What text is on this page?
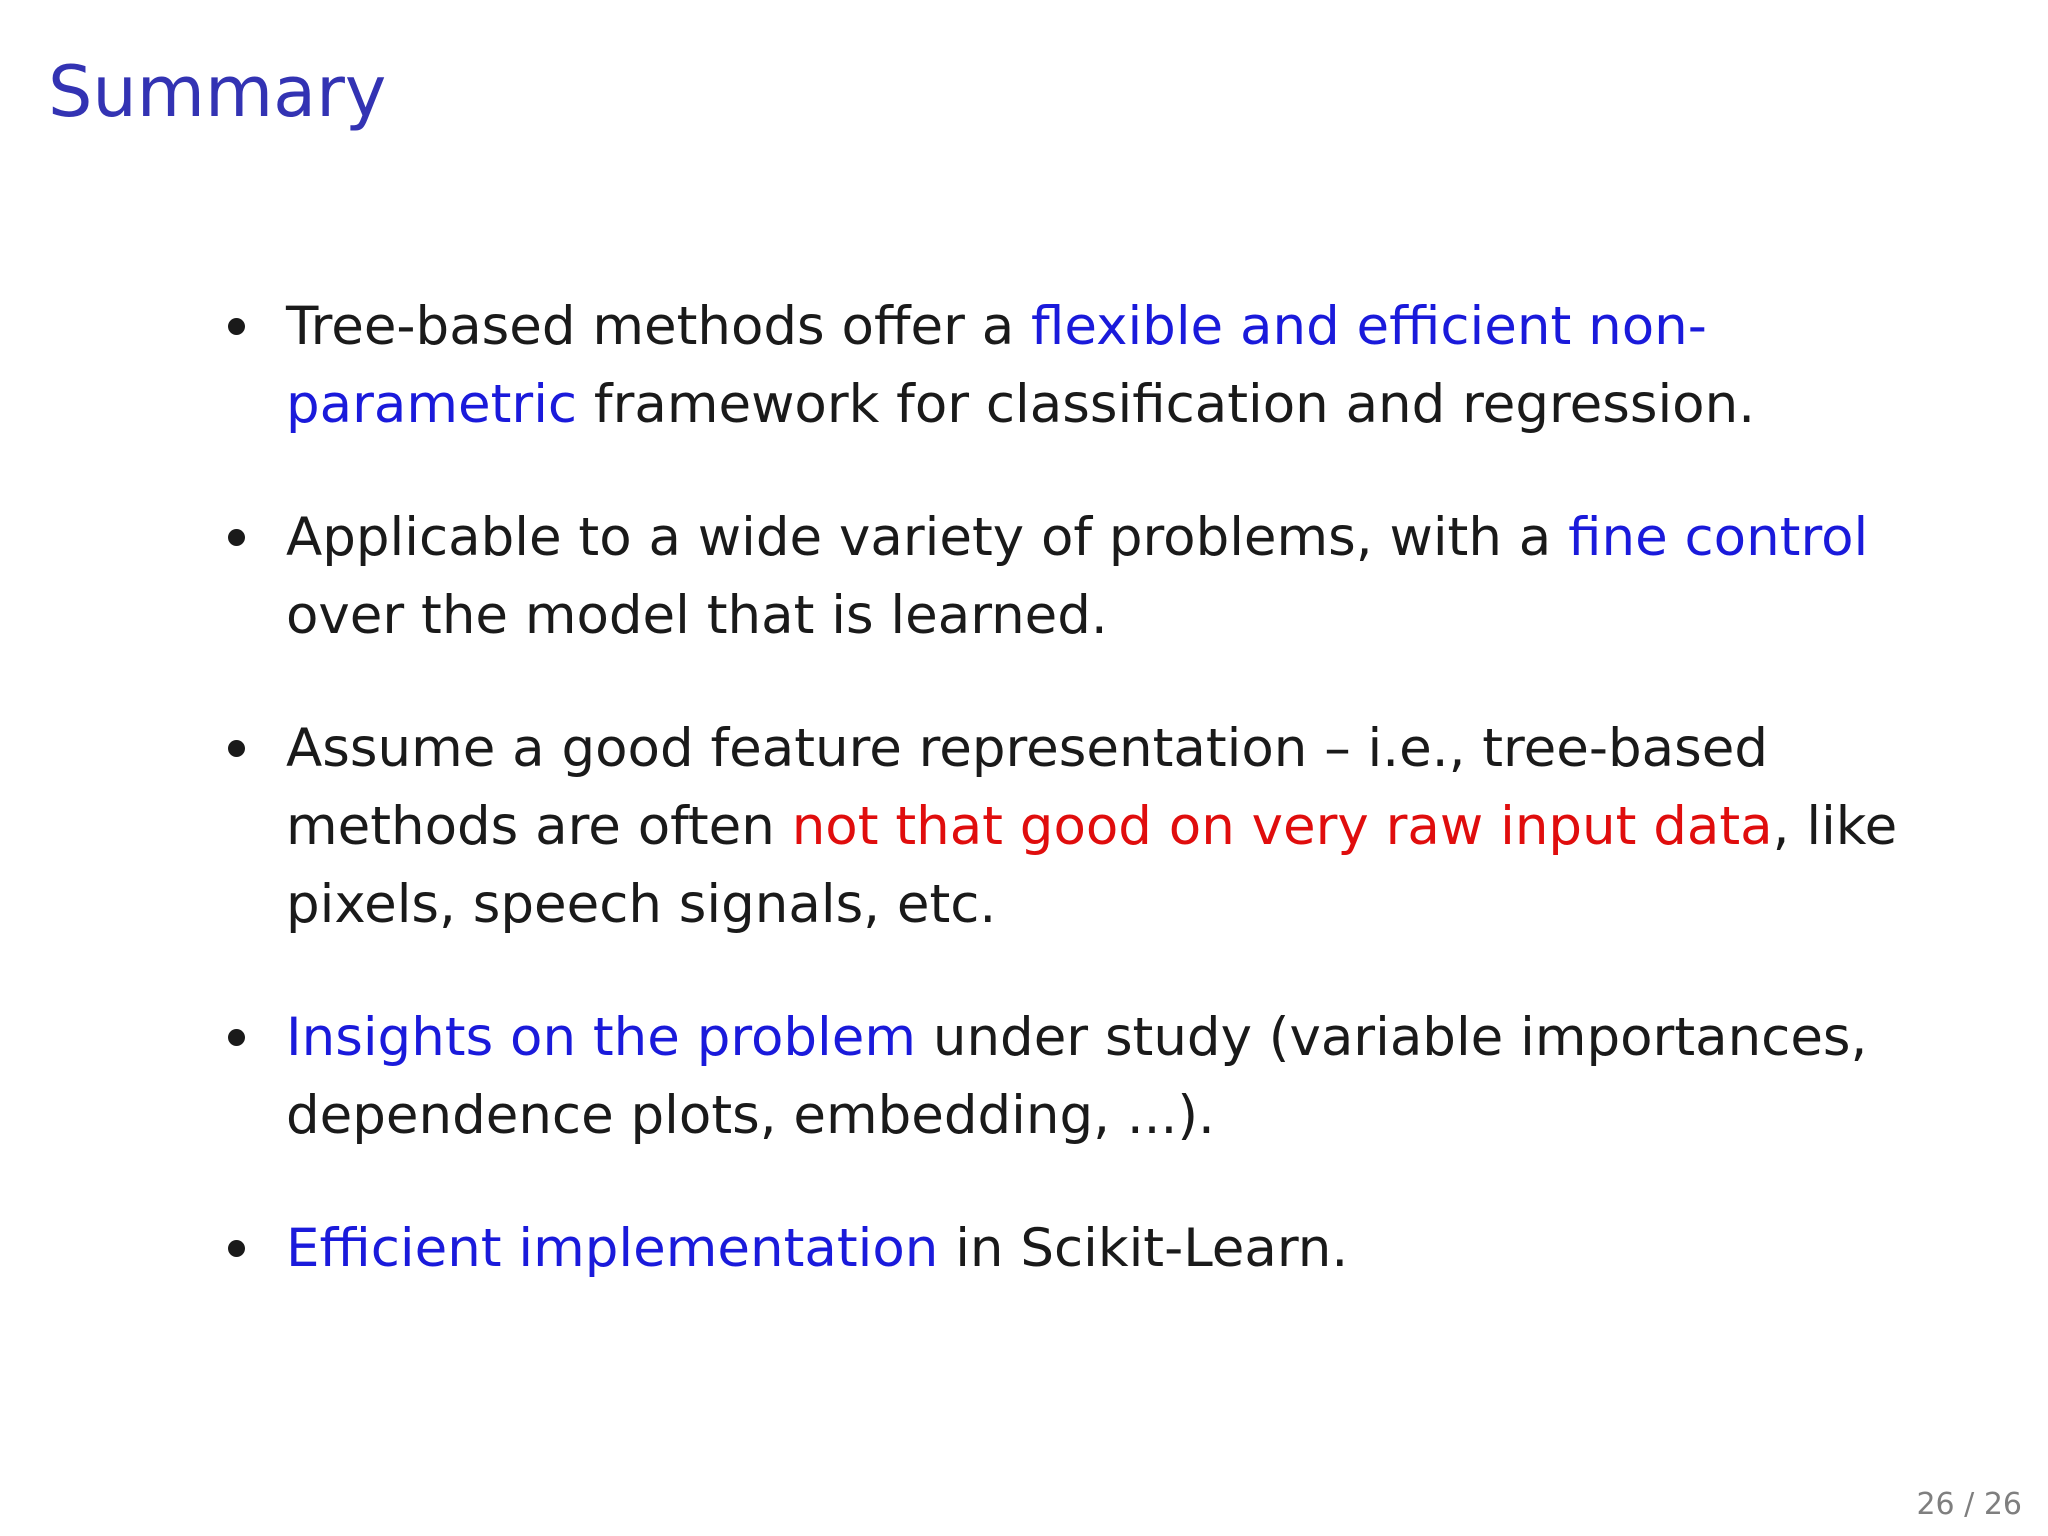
Summary
Tree-based methods offer a flexible and efficient non-parametric framework for classification and regression.
Applicable to a wide variety of problems, with a fine control over the model that is learned.
Assume a good feature representation – i.e., tree-based methods are often not that good on very raw input data, like pixels, speech signals, etc.
Insights on the problem under study (variable importances, dependence plots, embedding, ...).
Efficient implementation in Scikit-Learn.
26 / 26
